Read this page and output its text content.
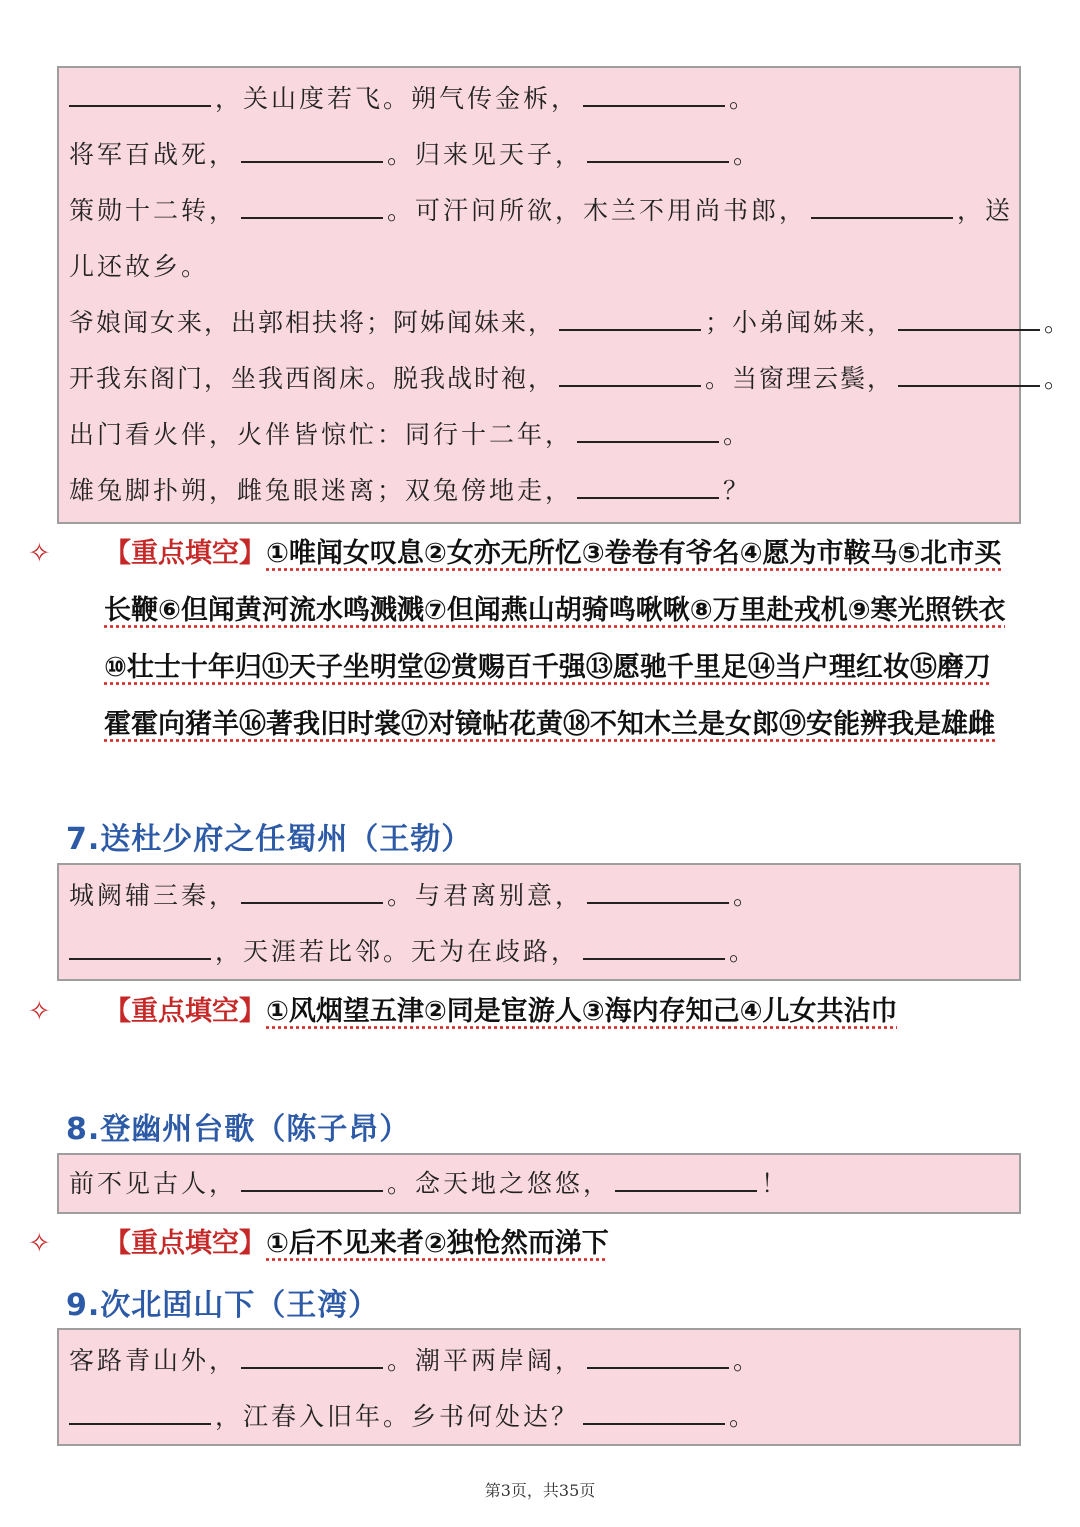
，关山度若飞。朔气传金柝，	。
将军百战死，	。归来见天子，	。
策勋十二转，	。可汗问所欲，木兰不用尚书郎，	，送
儿还故乡。
爷娘闻女来，出郭相扶将；阿姊闻妹来，	；小弟闻姊来，	。
开我东阁门，坐我西阁床。脱我战时袍，	。当窗理云鬓，	。
出门看火伴，火伴皆惊忙：同行十二年，	。
雄兔脚扑朔，雌兔眼迷离；双兔傍地走，	？
✧ 【重点填空】①唯闻女叹息②女亦无所忆③卷卷有爷名④愿为市鞍马⑤北市买长鞭⑥但闻黄河流水鸣溅溅⑦但闻燕山胡骑鸣啾啾⑧万里赴戎机⑨寒光照铁衣⑩壮士十年归⑪天子坐明堂⑫赏赐百千强⑬愿驰千里足⑭当户理红妆⑮磨刀霍霍向猪羊⑯著我旧时裳⑰对镜帖花黄⑱不知木兰是女郎⑲安能辨我是雄雌
7.送杜少府之任蜀州（王勃）
城阙辅三秦，	。与君离别意，	。
，天涯若比邻。无为在歧路，	。
✧ 【重点填空】①风烟望五津②同是宦游人③海内存知己④儿女共沾巾
8.登幽州台歌（陈子昂）
前不见古人，	。念天地之悠悠，	！
✧ 【重点填空】①后不见来者②独怆然而涕下
9.次北固山下（王湾）
客路青山外，	。潮平两岸阔，	。
，江春入旧年。乡书何处达？	。
第3页，共35页
